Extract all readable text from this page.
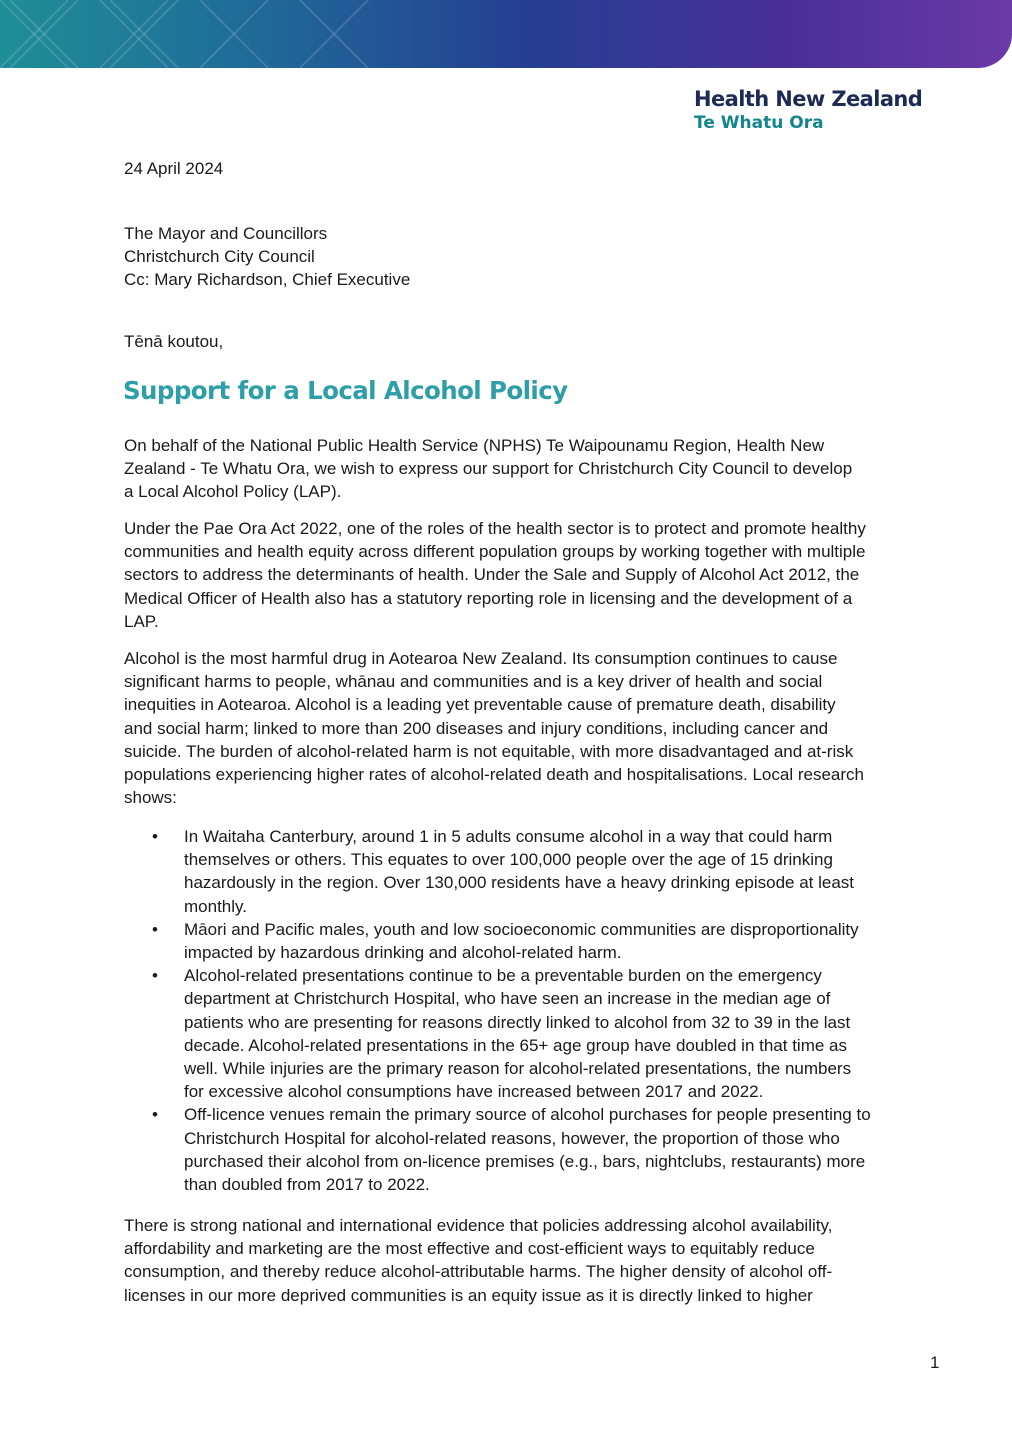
Health New Zealand
Te Whatu Ora

24 April 2024

The Mayor and Councillors
Christchurch City Council
Cc: Mary Richardson, Chief Executive

Tēnā koutou,

Support for a Local Alcohol Policy

On behalf of the National Public Health Service (NPHS) Te Waipounamu Region, Health New
Zealand - Te Whatu Ora, we wish to express our support for Christchurch City Council to develop
a Local Alcohol Policy (LAP).

Under the Pae Ora Act 2022, one of the roles of the health sector is to protect and promote healthy
communities and health equity across different population groups by working together with multiple
sectors to address the determinants of health. Under the Sale and Supply of Alcohol Act 2012, the
Medical Officer of Health also has a statutory reporting role in licensing and the development of a
LAP.

Alcohol is the most harmful drug in Aotearoa New Zealand. Its consumption continues to cause
significant harms to people, whānau and communities and is a key driver of health and social
inequities in Aotearoa. Alcohol is a leading yet preventable cause of premature death, disability
and social harm; linked to more than 200 diseases and injury conditions, including cancer and
suicide. The burden of alcohol-related harm is not equitable, with more disadvantaged and at-risk
populations experiencing higher rates of alcohol-related death and hospitalisations. Local research
shows:

• In Waitaha Canterbury, around 1 in 5 adults consume alcohol in a way that could harm
themselves or others. This equates to over 100,000 people over the age of 15 drinking
hazardously in the region. Over 130,000 residents have a heavy drinking episode at least
monthly.
• Māori and Pacific males, youth and low socioeconomic communities are disproportionality
impacted by hazardous drinking and alcohol-related harm.
• Alcohol-related presentations continue to be a preventable burden on the emergency
department at Christchurch Hospital, who have seen an increase in the median age of
patients who are presenting for reasons directly linked to alcohol from 32 to 39 in the last
decade. Alcohol-related presentations in the 65+ age group have doubled in that time as
well. While injuries are the primary reason for alcohol-related presentations, the numbers
for excessive alcohol consumptions have increased between 2017 and 2022.
• Off-licence venues remain the primary source of alcohol purchases for people presenting to
Christchurch Hospital for alcohol-related reasons, however, the proportion of those who
purchased their alcohol from on-licence premises (e.g., bars, nightclubs, restaurants) more
than doubled from 2017 to 2022.

There is strong national and international evidence that policies addressing alcohol availability,
affordability and marketing are the most effective and cost-efficient ways to equitably reduce
consumption, and thereby reduce alcohol-attributable harms. The higher density of alcohol off-
licenses in our more deprived communities is an equity issue as it is directly linked to higher

1
